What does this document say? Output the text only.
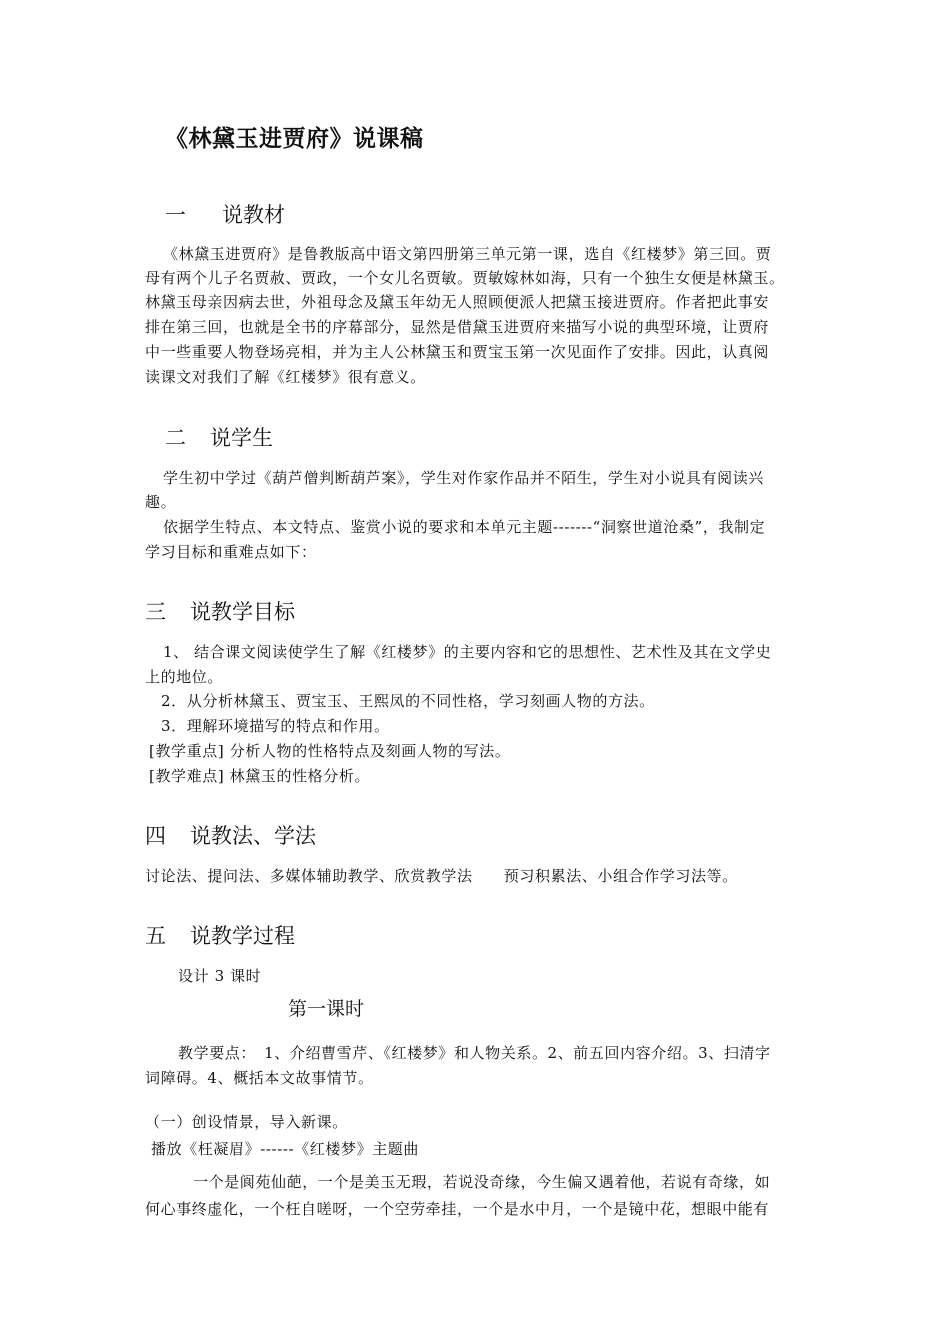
《林黛玉进贾府》说课稿
一 说教材

《林黛玉进贾府》是鲁教版高中语文第四册第三单元第一课，选自《红楼梦》第三回。贾

母有两个儿子名贾赦、贾政，一个女儿名贾敏。贾敏嫁林如海，只有一个独生女便是林黛玉。

林黛玉母亲因病去世，外祖母念及黛玉年幼无人照顾便派人把黛玉接进贾府。作者把此事安

排在第三回，也就是全书的序幕部分，显然是借黛玉进贾府来描写小说的典型环境，让贾府

中一些重要人物登场亮相，并为主人公林黛玉和贾宝玉第一次见面作了安排。因此，认真阅

读课文对我们了解《红楼梦》很有意义。

二 说学生

学生初中学过《葫芦僧判断葫芦案》，学生对作家作品并不陌生，学生对小说具有阅读兴

趣。

依据学生特点、本文特点、鉴赏小说的要求和本单元主题-------“洞察世道沧桑”，我制定

学习目标和重难点如下：

三 说教学目标

1、 结合课文阅读使学生了解《红楼梦》的主要内容和它的思想性、艺术性及其在文学史

上的地位。

2．从分析林黛玉、贾宝玉、王熙凤的不同性格，学习刻画人物的方法。

3．理解环境描写的特点和作用。

[教学重点] 分析人物的性格特点及刻画人物的写法。

[教学难点] 林黛玉的性格分析。

四 说教法、学法

讨论法、提问法、多媒体辅助教学、欣赏教学法　　预习积累法、小组合作学习法等。

五 说教学过程

设计 3 课时

第一课时

教学要点：　1、介绍曹雪芹、《红楼梦》和人物关系。2、前五回内容介绍。3、扫清字

词障碍。4、概括本文故事情节。

（一）创设情景，导入新课。

播放《枉凝眉》------《红楼梦》主题曲

一个是阆苑仙葩，一个是美玉无瑕，若说没奇缘，今生偏又遇着他，若说有奇缘，如

何心事终虚化，一个枉自嗟呀，一个空劳牵挂，一个是水中月，一个是镜中花，想眼中能有
